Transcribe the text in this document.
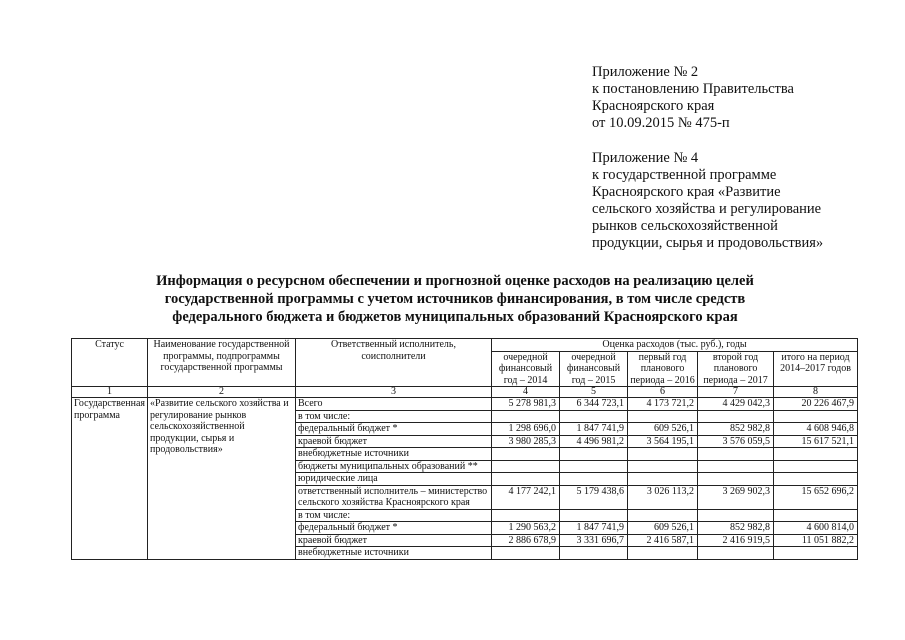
Приложение № 2
к постановлению Правительства
Красноярского края
от 10.09.2015 № 475-п
Приложение № 4
к государственной программе
Красноярского края «Развитие
сельского хозяйства и регулирование
рынков сельскохозяйственной
продукции, сырья и продовольствия»
Информация о ресурсном обеспечении и прогнозной оценке расходов на реализацию целей
государственной программы с учетом источников финансирования, в том числе средств
федерального бюджета и бюджетов муниципальных образований Красноярского края
Статус	Наименование государственной программы, подпрограммы государственной программы	Ответственный исполнитель, соисполнители	Оценка расходов (тыс. руб.), годы				
			очередной финансовый год – 2014	очередной финансовый год – 2015	первый год планового периода – 2016	второй год планового периода – 2017	итого на период 2014–2017 годов
1	2	3	4	5	6	7	8
Государственная программа	«Развитие сельского хозяйства и регулирование рынков сельскохозяйственной продукции, сырья и продовольствия»	Всего	5 278 981,3	6 344 723,1	4 173 721,2	4 429 042,3	20 226 467,9
		в том числе:					
		федеральный бюджет *	1 298 696,0	1 847 741,9	609 526,1	852 982,8	4 608 946,8
		краевой бюджет	3 980 285,3	4 496 981,2	3 564 195,1	3 576 059,5	15 617 521,1
		внебюджетные источники					
		бюджеты муниципальных образований **					
		юридические лица					
		ответственный исполнитель – министерство сельского хозяйства Красноярского края	4 177 242,1	5 179 438,6	3 026 113,2	3 269 902,3	15 652 696,2
		в том числе:					
		федеральный бюджет *	1 290 563,2	1 847 741,9	609 526,1	852 982,8	4 600 814,0
		краевой бюджет	2 886 678,9	3 331 696,7	2 416 587,1	2 416 919,5	11 051 882,2
		внебюджетные источники					
